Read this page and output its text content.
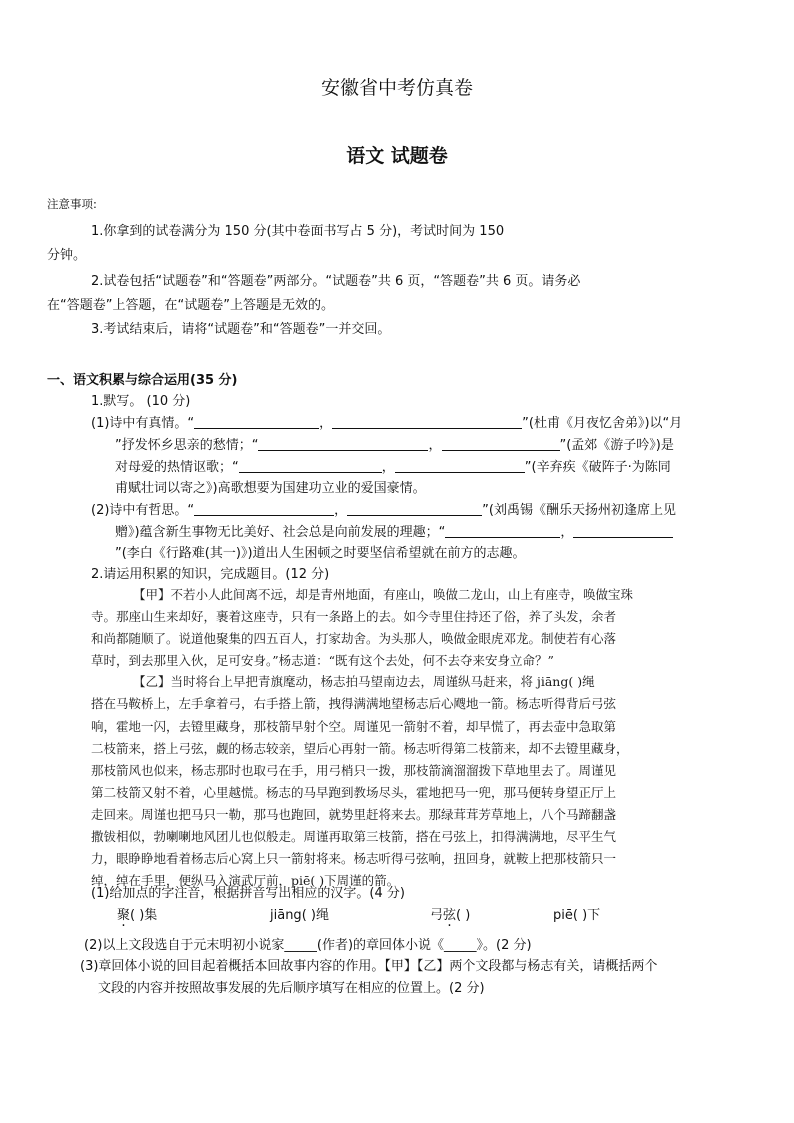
安徽省中考仿真卷
语文 试题卷
注意事项:
1.你拿到的试卷满分为 150 分(其中卷面书写占 5 分)，考试时间为 150
分钟。
2.试卷包括“试题卷”和“答题卷”两部分。“试题卷”共 6 页，“答题卷”共 6 页。请务必
在“答题卷”上答题，在“试题卷”上答题是无效的。
3.考试结束后，请将“试题卷”和“答题卷”一并交回。
一、语文积累与综合运用(35 分)
1.默写。 (10 分)
(1)诗中有真情。“	，	”(杜甫《月夜忆舍弟》)以“月
”抒发怀乡思亲的愁情；“	，	”(孟郊《游子吟》)是
对母爱的热情讴歌；“	，	”(辛弃疾《破阵子·为陈同
甫赋壮词以寄之》)高歌想要为国建功立业的爱国豪情。
(2)诗中有哲思。“	，	”(刘禹锡《酬乐天扬州初逢席上见
赠》)蕴含新生事物无比美好、社会总是向前发展的理趣；“	，
”(李白《行路难(其一)》)道出人生困顿之时要坚信希望就在前方的志趣。
2.请运用积累的知识，完成题目。(12 分)
【甲】不若小人此间离不远，却是青州地面，有座山，唤做二龙山，山上有座寺，唤做宝珠
寺。那座山生来却好，裹着这座寺，只有一条路上的去。如今寺里住持还了俗，养了头发，余者
和尚都随顺了。说道他聚集的四五百人，打家劫舍。为头那人，唤做金眼虎邓龙。制使若有心落
草时，到去那里入伙，足可安身。”杨志道：“既有这个去处，何不去夺来安身立命？”
【乙】当时将台上早把青旗麾动，杨志拍马望南边去，周谨纵马赶来，将 jiāng( )绳
搭在马鞍桥上，左手拿着弓，右手搭上箭，拽得满满地望杨志后心飕地一箭。杨志听得背后弓弦
响，霍地一闪，去镫里藏身，那枝箭早射个空。周谨见一箭射不着，却早慌了，再去壶中急取第
二枝箭来，搭上弓弦，觑的杨志较亲，望后心再射一箭。杨志听得第二枝箭来，却不去镫里藏身，
那枝箭风也似来，杨志那时也取弓在手，用弓梢只一拨，那枝箭滴溜溜拨下草地里去了。周谨见
第二枝箭又射不着，心里越慌。杨志的马早跑到教场尽头，霍地把马一兜，那马便转身望正厅上
走回来。周谨也把马只一勒，那马也跑回，就势里赶将来去。那绿茸茸芳草地上，八个马蹄翻盏
撒钹相似，勃喇喇地风团儿也似般走。周谨再取第三枝箭，搭在弓弦上，扣得满满地，尽平生气
力，眼睁睁地看着杨志后心窝上只一箭射将来。杨志听得弓弦响，扭回身，就鞍上把那枝箭只一
绰，绰在手里，便纵马入演武厅前，piē( )下周谨的箭。
(1)给加点的字注音，根据拼音写出相应的汉字。(4 分)
聚( )集	jiāng( )绳	弓弦( )	piē( )下
(2)以上文段选自于元末明初小说家_____(作者)的章回体小说《_____》。(2 分)
(3)章回体小说的回目起着概括本回故事内容的作用。【甲】【乙】两个文段都与杨志有关，请概括两个
文段的内容并按照故事发展的先后顺序填写在相应的位置上。(2 分)
